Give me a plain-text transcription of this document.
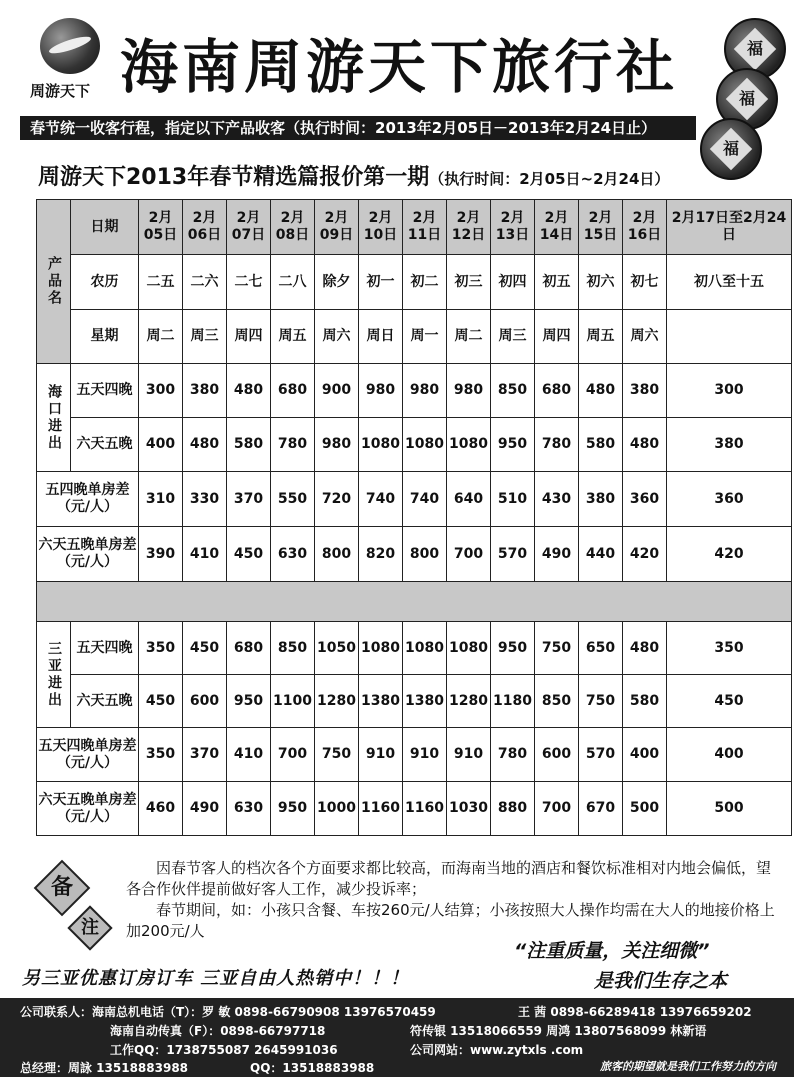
周游天下 海南周游天下旅行社	福
福
福
春节统一收客行程，指定以下产品收客（执行时间：2013年2月05日－2013年2月24日止）
周游天下2013年春节精选篇报价第一期（执行时间：2月05日~2月24日）
产品名	日期	2月05日	2月06日	2月07日	2月08日	2月09日	2月10日	2月11日	2月12日	2月13日	2月14日	2月15日	2月16日	2月17日至2月24日
	农历	二五	二六	二七	二八	除夕	初一	初二	初三	初四	初五	初六	初七	初八至十五
	星期	周二	周三	周四	周五	周六	周日	周一	周二	周三	周四	周五	周六	

海口进出	五天四晚	300	380	480	680	900	980	980	980	850	680	480	380	300
	六天五晚	400	480	580	780	980	1080	1080	1080	950	780	580	480	380
五四晚单房差（元/人）		310	330	370	550	720	740	740	640	510	430	380	360	360
六天五晚单房差（元/人）		390	410	450	630	800	820	800	700	570	490	440	420	420

三亚进出	五天四晚	350	450	680	850	1050	1080	1080	1080	950	750	650	480	350
	六天五晚	450	600	950	1100	1280	1380	1380	1280	1180	850	750	580	450
五天四晚单房差（元/人）		350	370	410	700	750	910	910	910	780	600	570	400	400
六天五晚单房差（元/人）		460	490	630	950	1000	1160	1160	1030	880	700	670	500	500
备
注

　　因春节客人的档次各个方面要求都比较高，而海南当地的酒店和餐饮标准相对内地会偏低，望各合作伙伴提前做好客人工作，减少投诉率；

　　春节期间，如：小孩只含餐、车按260元/人结算；小孩按照大人操作均需在大人的地接价格上加200元/人

“注重质量，关注细微”
是我们生存之本
另三亚优惠订房订车 三亚自由人热销中！！！
公司联系人：海南总机电话（T）：罗 敏 0898-66790908 13976570459	王 茜 0898-66289418 13976659202
海南自动传真（F）：0898-66797718	符传银 13518066559 周鸿 13807568099 林新语
工作QQ：1738755087 2645991036	公司网站：www.zytxls .com
总经理：周詠 13518883988	QQ：13518883988	旅客的期望就是我们工作努力的方向
